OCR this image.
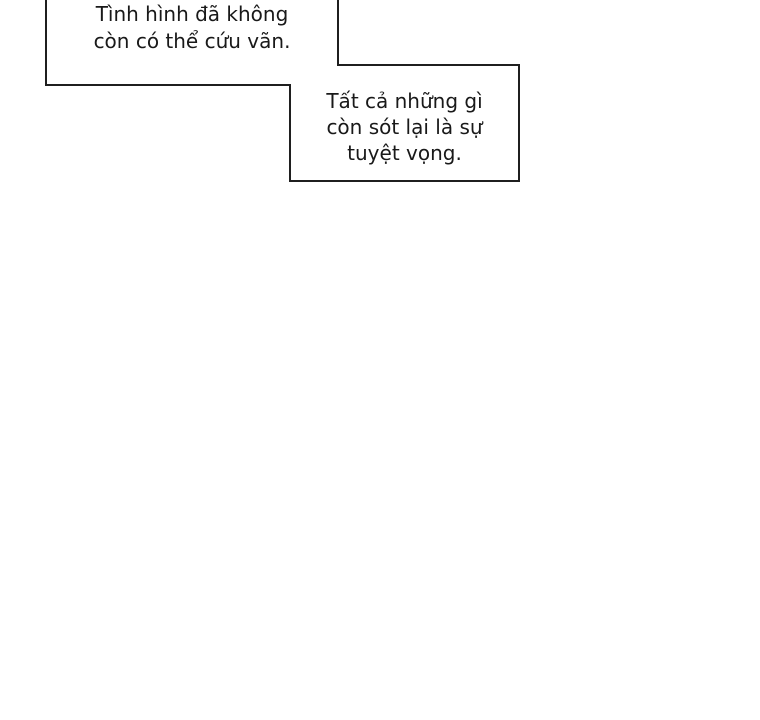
Tình hình đã không
còn có thể cứu vãn.
Tất cả những gì
còn sót lại là sự
tuyệt vọng.
